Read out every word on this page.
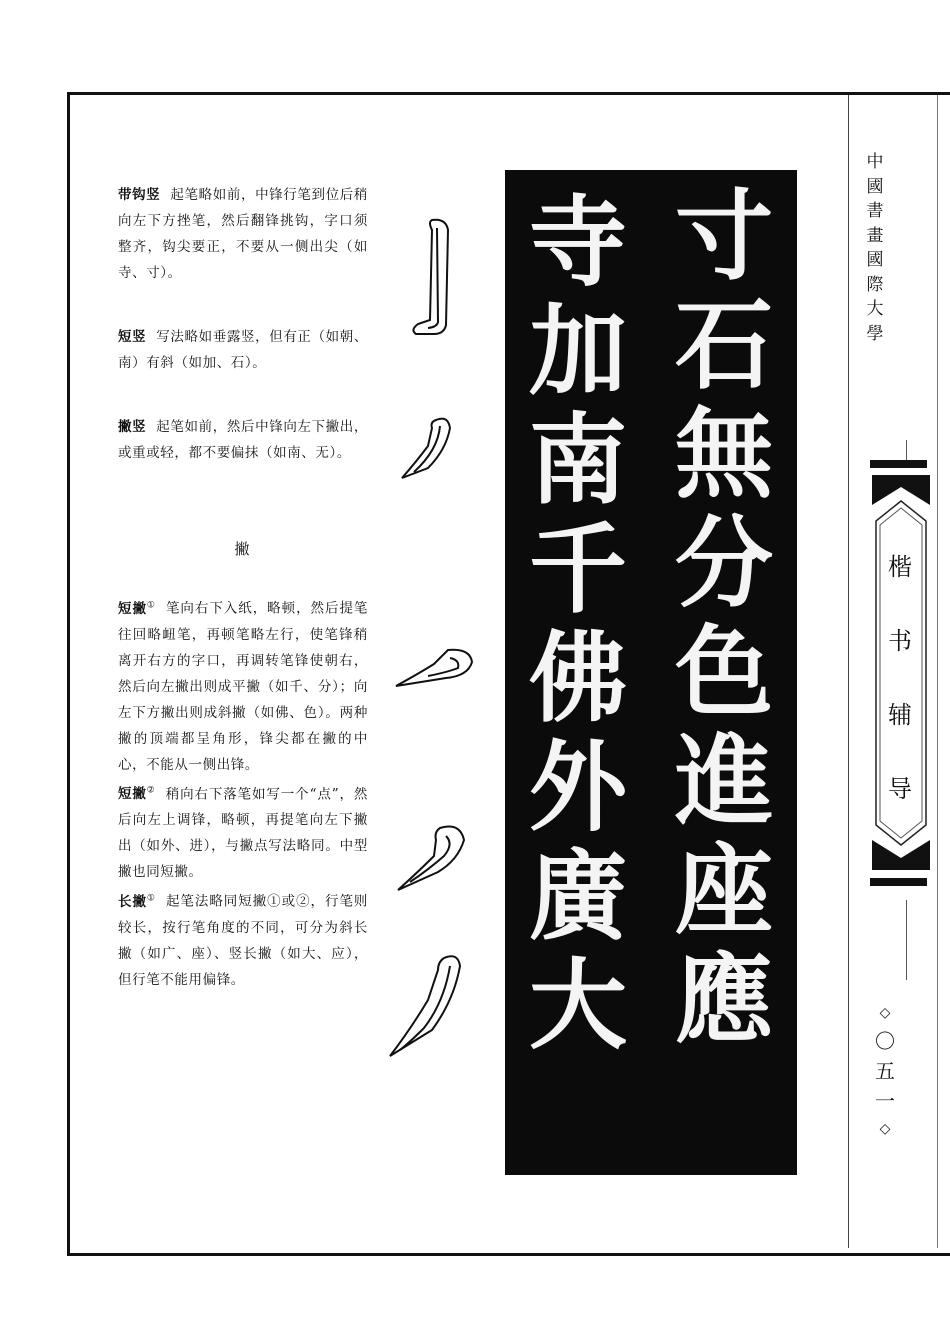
带钩竖 起笔略如前，中锋行笔到位后稍向左下方挫笔，然后翻锋挑钩，字口须整齐，钩尖要正，不要从一侧出尖（如寺、寸）。

短竖 写法略如垂露竖，但有正（如朝、南）有斜（如加、石）。

撇竖 起笔如前，然后中锋向左下撇出，或重或轻，都不要偏抹（如南、无）。

撇

短撇① 笔向右下入纸，略顿，然后提笔往回略衄笔，再顿笔略左行，使笔锋稍离开右方的字口，再调转笔锋使朝右，然后向左撇出则成平撇（如千、分）；向左下方撇出则成斜撇（如佛、色）。两种撇的顶端都呈角形，锋尖都在撇的中心，不能从一侧出锋。

短撇② 稍向右下落笔如写一个“点”，然后向左上调锋，略顿，再提笔向左下撇出（如外、进），与撇点写法略同。中型撇也同短撇。

长撇① 起笔法略同短撇①或②，行笔则较长，按行笔角度的不同，可分为斜长撇（如广、座）、竖长撇（如大、应），但行笔不能用偏锋。

寸
石
無
分
色
進
座
應
寺
加
南
千
佛
外
廣
大
中
國
書
畫
國
際
大
學
楷
书
辅
导
◇
〇
五
一
◇
